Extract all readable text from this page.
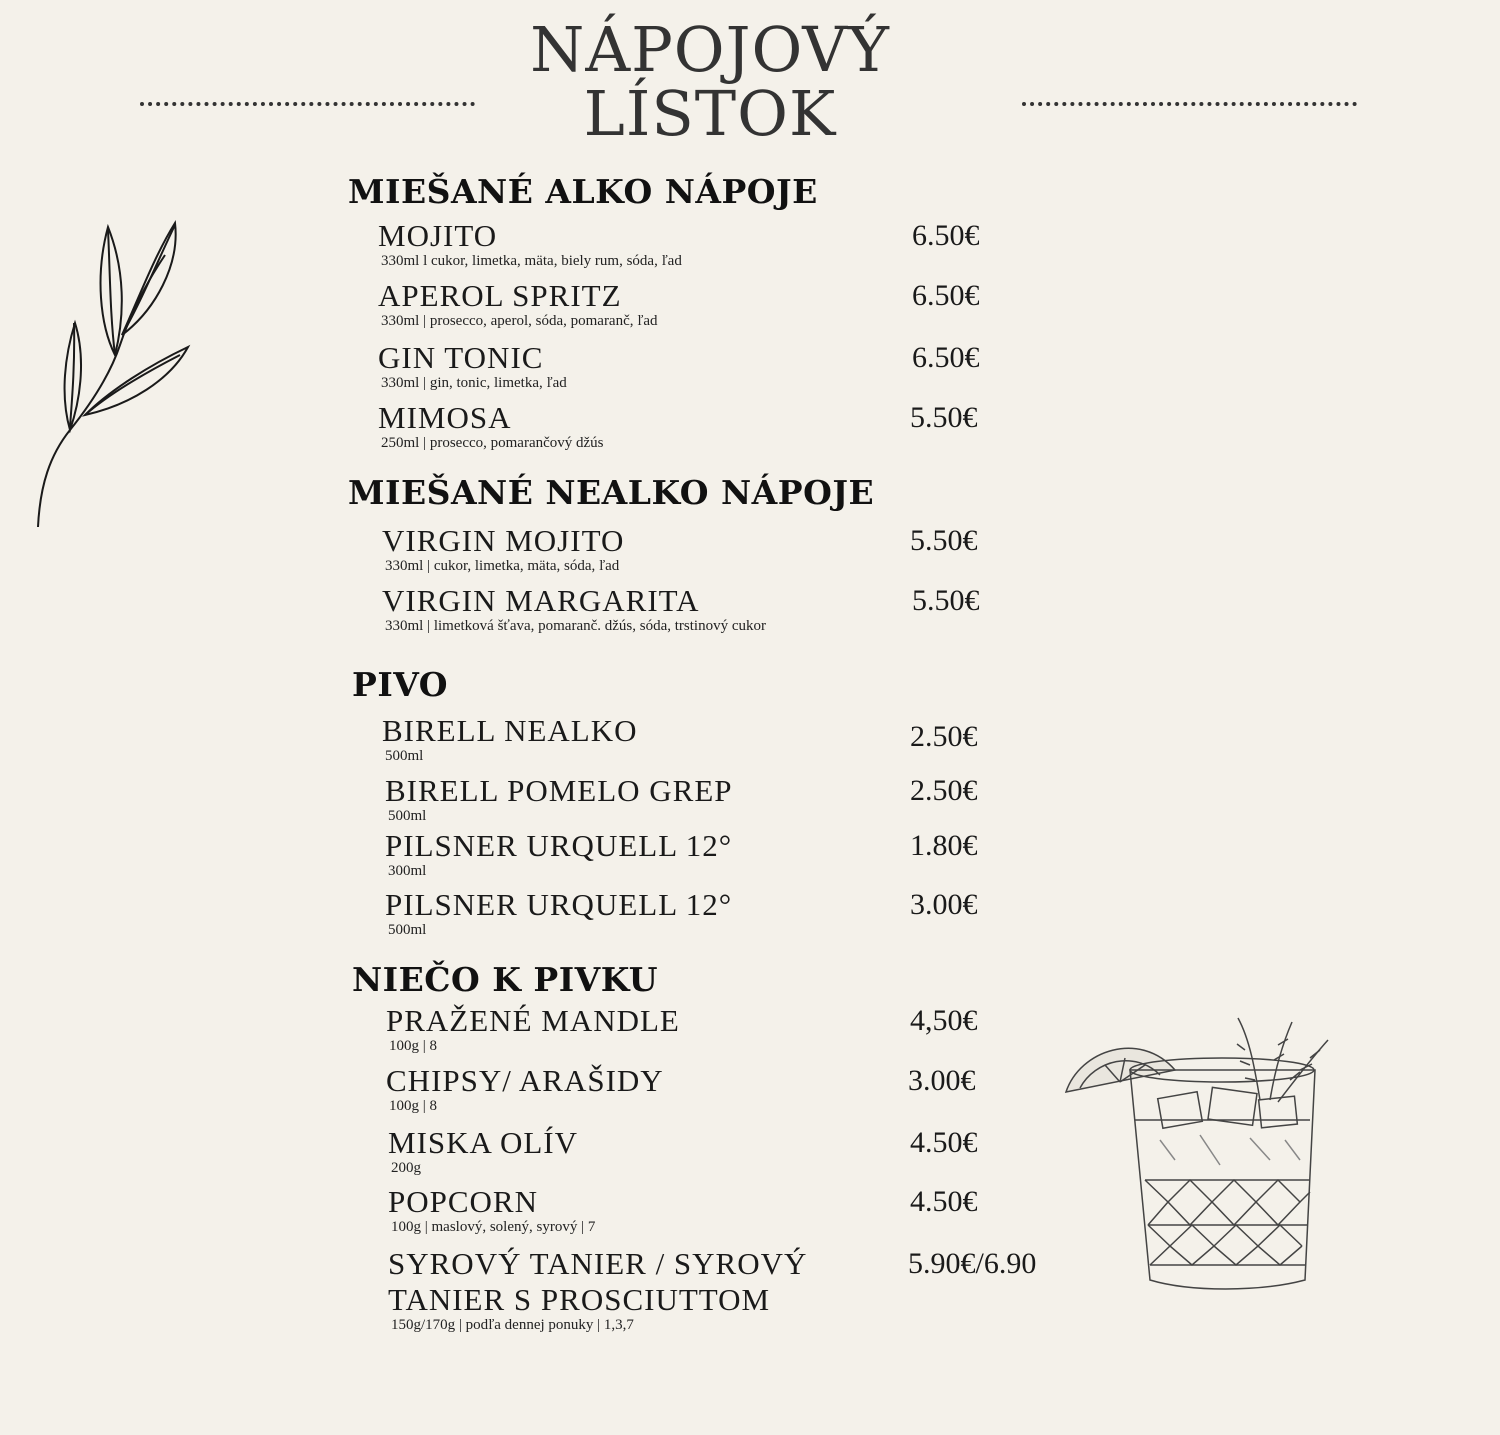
NÁPOJOVÝ
LÍSTOK
MIEŠANÉ ALKO NÁPOJE
MOJITO
330ml l cukor, limetka, mäta, biely rum, sóda, ľad
6.50€
APEROL SPRITZ
330ml | prosecco, aperol, sóda, pomaranč, ľad
6.50€
GIN TONIC
330ml | gin, tonic, limetka, ľad
6.50€
MIMOSA
250ml | prosecco, pomarančový džús
5.50€
MIEŠANÉ NEALKO NÁPOJE
VIRGIN MOJITO
330ml | cukor, limetka, mäta, sóda, ľad
5.50€
VIRGIN MARGARITA
330ml | limetková šťava, pomaranč. džús, sóda, trstinový cukor
5.50€
PIVO
BIRELL NEALKO
500ml
2.50€
BIRELL POMELO GREP
500ml
2.50€
PILSNER URQUELL 12°
300ml
1.80€
PILSNER URQUELL 12°
500ml
3.00€
NIEČO K PIVKU
PRAŽENÉ MANDLE
100g | 8
4,50€
CHIPSY/ ARAŠIDY
100g | 8
3.00€
MISKA OLÍV
200g
4.50€
POPCORN
100g | maslový, solený, syrový | 7
4.50€
SYROVÝ TANIER / SYROVÝ
TANIER S PROSCIUTTOM
150g/170g | podľa dennej ponuky | 1,3,7
5.90€/6.90
